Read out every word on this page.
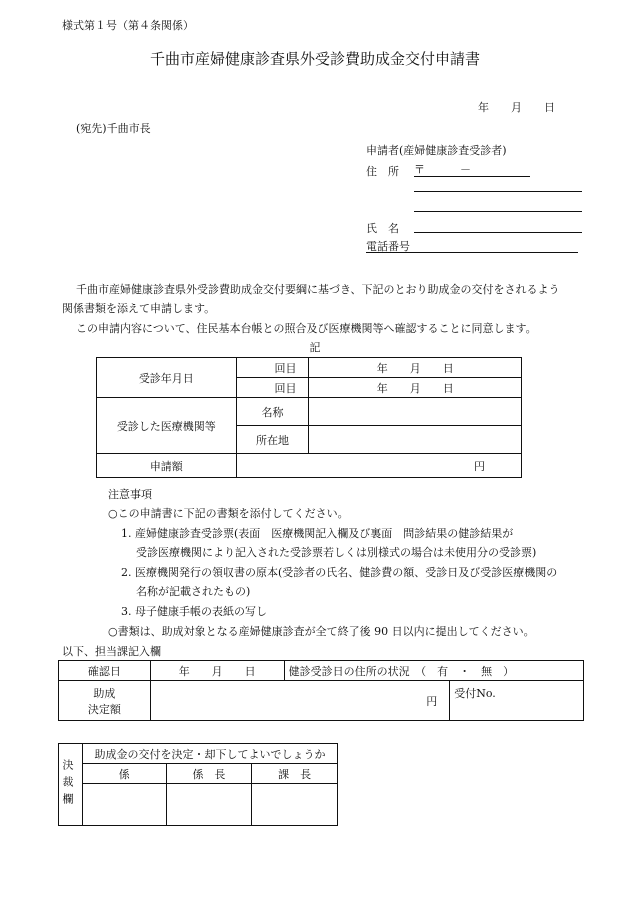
様式第１号（第４条関係）
千曲市産婦健康診査県外受診費助成金交付申請書
年　　月　　日
(宛先)千曲市長
申請者(産婦健康診査受診者)
住　所 〒	－
氏　名
電話番号
千曲市産婦健康診査県外受診費助成金交付要綱に基づき、下記のとおり助成金の交付をされるよう
関係書類を添えて申請します。
この申請内容について、住民基本台帳との照合及び医療機関等へ確認することに同意します。
記
受診年月日	回目	年　　月　　日
	回目	年　　月　　日
受診した医療機関等	名称	
	所在地	
申請額	円	
注意事項
○この申請書に下記の書類を添付してください。
1. 産婦健康診査受診票(表面　医療機関記入欄及び裏面　問診結果の健診結果が
受診医療機関により記入された受診票若しくは別様式の場合は未使用分の受診票)
2. 医療機関発行の領収書の原本(受診者の氏名、健診費の額、受診日及び受診医療機関の
名称が記載されたもの)
3. 母子健康手帳の表紙の写し
○書類は、助成対象となる産婦健康診査が全て終了後 90 日以内に提出してください。
以下、担当課記入欄
確認日	年　　月　　日	健診受診日の住所の状況　（　有　・　無　）	

助成
決定額	円		受付No.
決裁欄	助成金の交付を決定・却下してよいでしょうか		
	係	係　長	課　長
